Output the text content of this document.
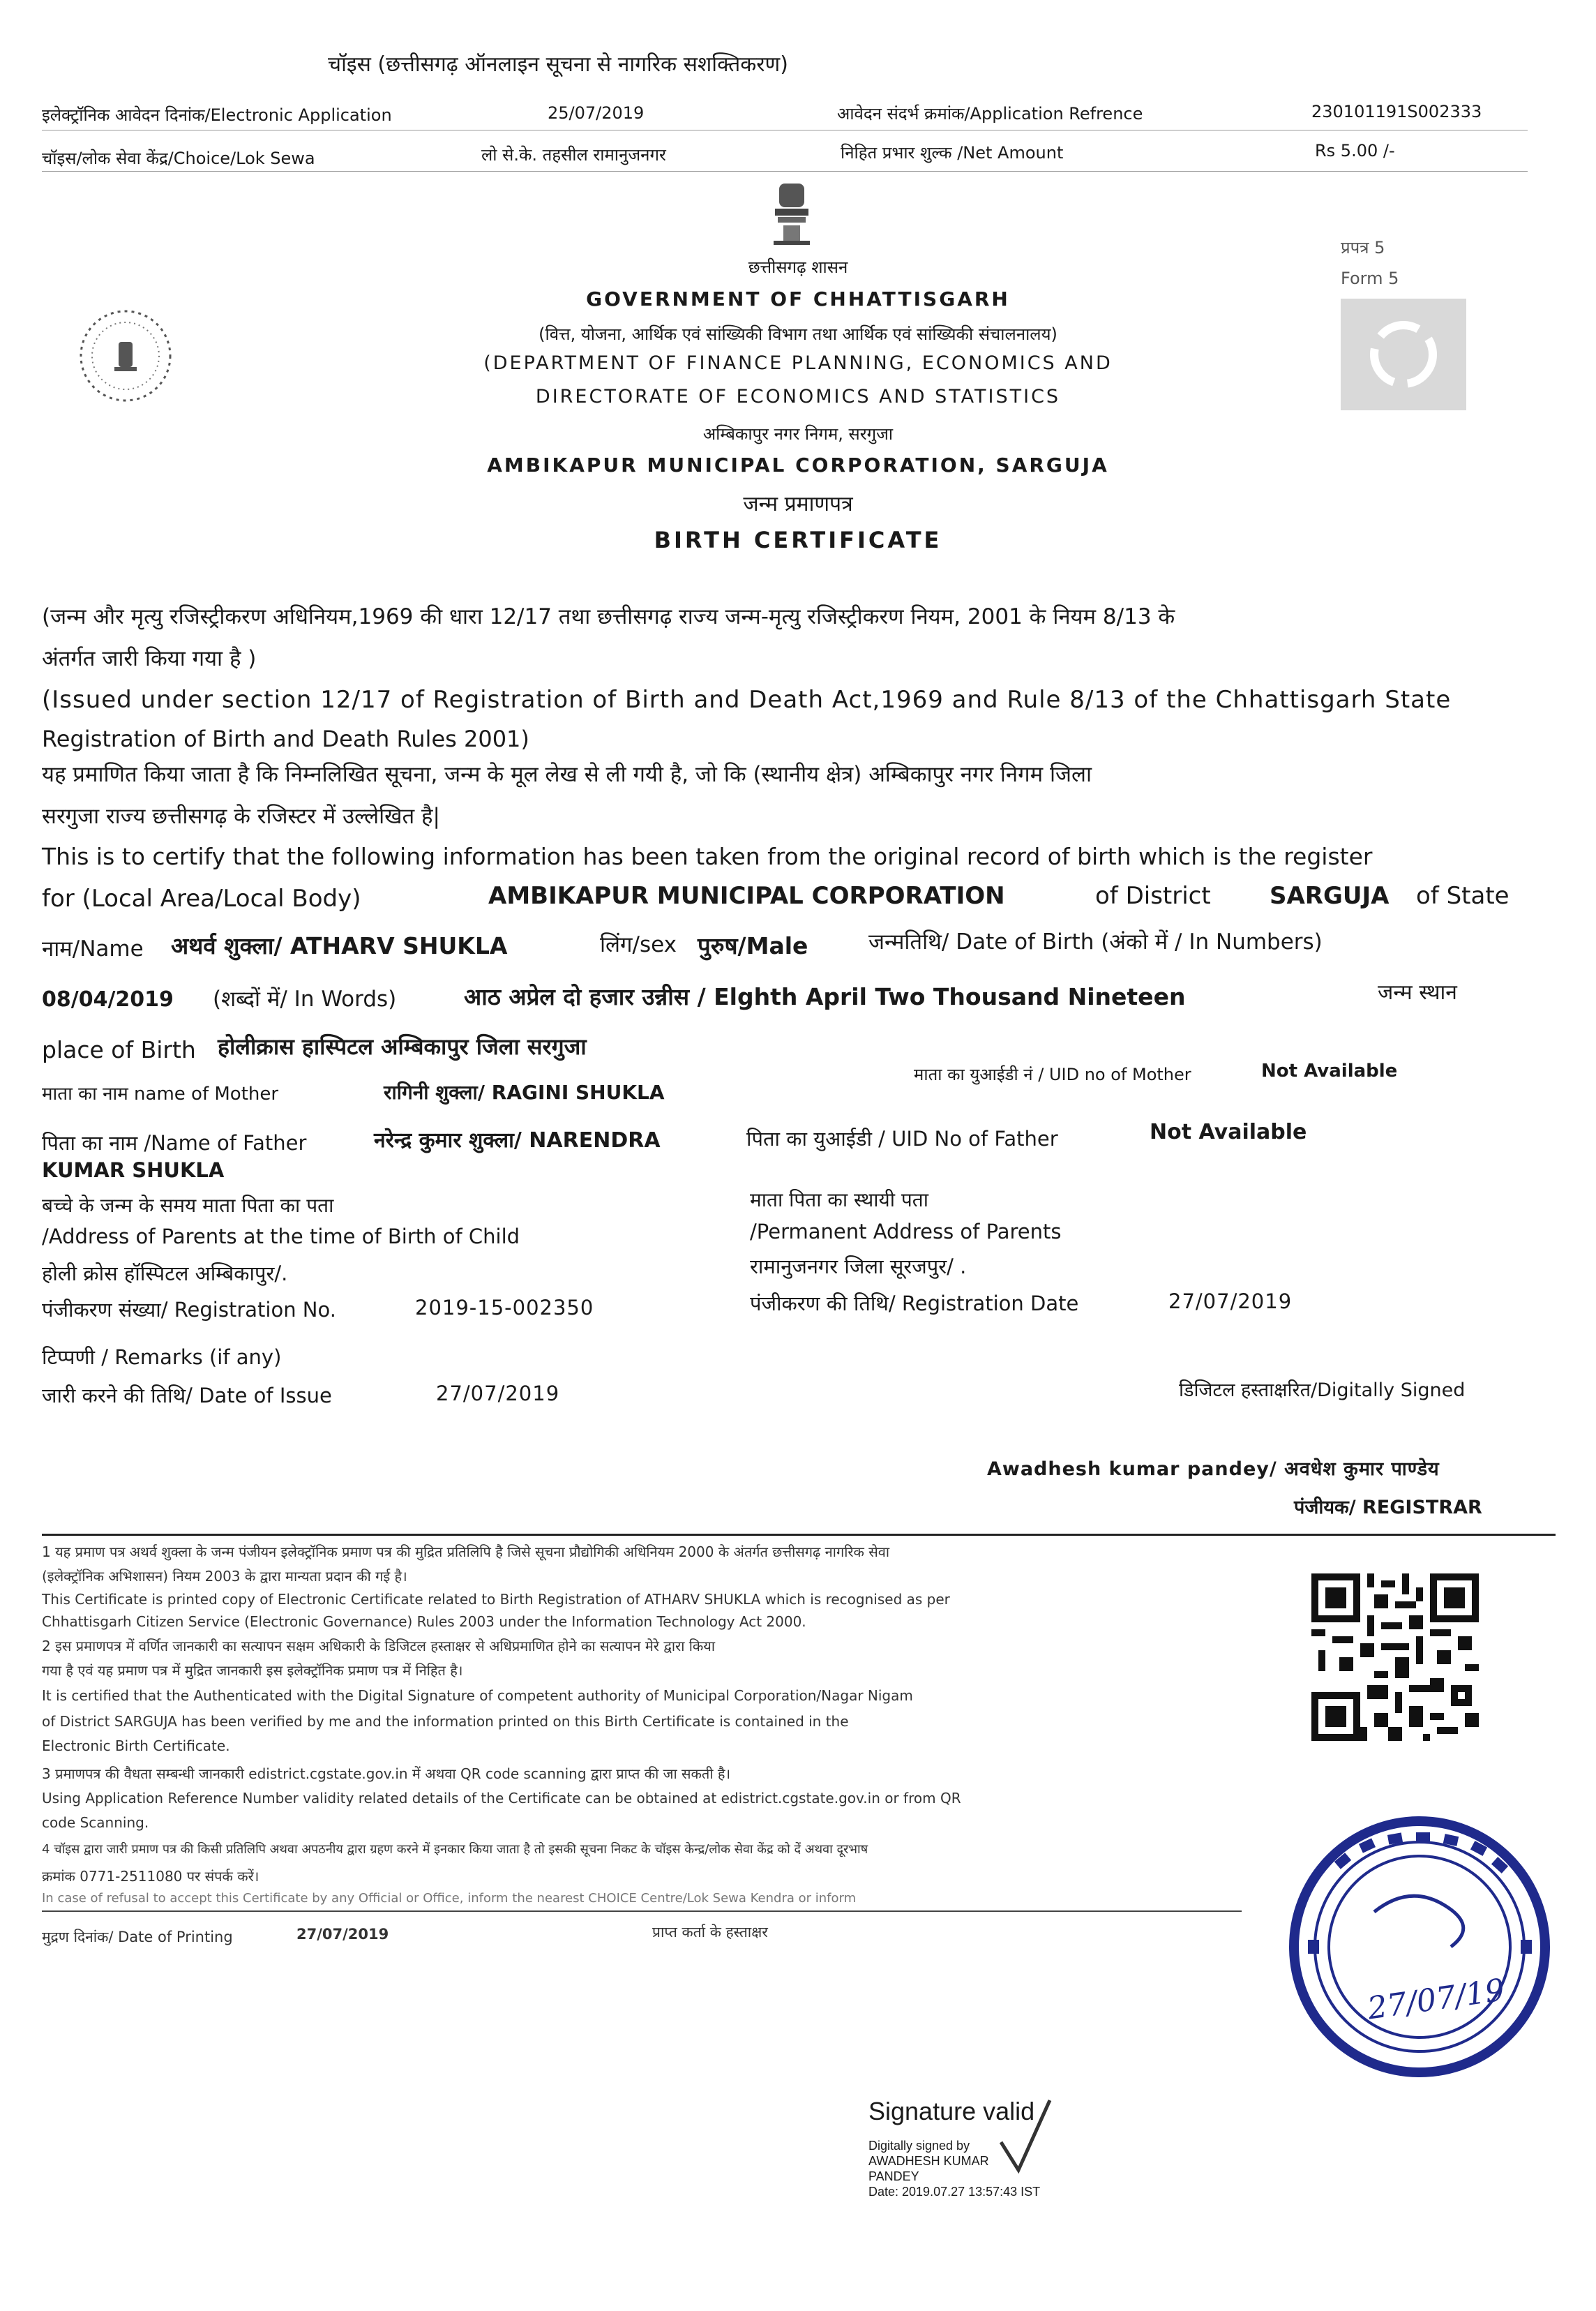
चॉइस (छत्तीसगढ़ ऑनलाइन सूचना से नागरिक सशक्तिकरण)
इलेक्ट्रॉनिक आवेदन दिनांक/Electronic Application	25/07/2019	आवेदन संदर्भ क्रमांक/Application Refrence	230101191S002333
चॉइस/लोक सेवा केंद्र/Choice/Lok Sewa	लो से.के. तहसील रामानुजनगर	निहित प्रभार शुल्क /Net Amount	Rs 5.00 /-
प्रपत्र 5
Form 5
छत्तीसगढ़ शासन
GOVERNMENT OF CHHATTISGARH
(वित्त, योजना, आर्थिक एवं सांख्यिकी विभाग तथा आर्थिक एवं सांख्यिकी संचालनालय)
(DEPARTMENT OF FINANCE PLANNING, ECONOMICS AND
DIRECTORATE OF ECONOMICS AND STATISTICS
अम्बिकापुर नगर निगम, सरगुजा
AMBIKAPUR MUNICIPAL CORPORATION, SARGUJA
जन्म प्रमाणपत्र
BIRTH CERTIFICATE
(जन्म और मृत्यु रजिस्ट्रीकरण अधिनियम,1969 की धारा 12/17 तथा छत्तीसगढ़ राज्य जन्म-मृत्यु रजिस्ट्रीकरण नियम, 2001 के नियम 8/13 के
अंतर्गत जारी किया गया है )
(Issued under section 12/17 of Registration of Birth and Death Act,1969 and Rule 8/13 of the Chhattisgarh State
Registration of Birth and Death Rules 2001)
यह प्रमाणित किया जाता है कि निम्नलिखित सूचना, जन्म के मूल लेख से ली गयी है, जो कि (स्थानीय क्षेत्र) अम्बिकापुर नगर निगम जिला
सरगुजा राज्य छत्तीसगढ़ के रजिस्टर में उल्लेखित है|
This is to certify that the following information has been taken from the original record of birth which is the register
for (Local Area/Local Body)	AMBIKAPUR MUNICIPAL CORPORATION	of District SARGUJA of State
नाम/Name अथर्व शुक्ला/ ATHARV SHUKLA	लिंग/sex पुरुष/Male	जन्मतिथि/ Date of Birth (अंको में / In Numbers)
08/04/2019 (शब्दों में/ In Words)	आठ अप्रेल दो हजार उन्नीस / Elghth April Two Thousand Nineteen	जन्म स्थान
place of Birth होलीक्रास हास्पिटल अम्बिकापुर जिला सरगुजा
माता का युआईडी नं / UID no of Mother	Not Available
माता का नाम name of Mother	रागिनी शुक्ला/ RAGINI SHUKLA
पिता का नाम /Name of Father	नरेन्द्र कुमार शुक्ला/ NARENDRA
KUMAR SHUKLA
पिता का युआईडी / UID No of Father	Not Available
बच्चे के जन्म के समय माता पिता का पता
/Address of Parents at the time of Birth of Child
होली क्रोस हॉस्पिटल अम्बिकापुर/.
माता पिता का स्थायी पता
/Permanent Address of Parents
रामानुजनगर जिला सूरजपुर/ .
पंजीकरण संख्या/ Registration No.	2019-15-002350	पंजीकरण की तिथि/ Registration Date	27/07/2019
टिप्पणी / Remarks (if any)
जारी करने की तिथि/ Date of Issue	27/07/2019	डिजिटल हस्ताक्षरित/Digitally Signed
Awadhesh kumar pandey/ अवधेश कुमार पाण्डेय
पंजीयक/ REGISTRAR
1 यह प्रमाण पत्र अथर्व शुक्ला के जन्म पंजीयन इलेक्ट्रॉनिक प्रमाण पत्र की मुद्रित प्रतिलिपि है जिसे सूचना प्रौद्योगिकी अधिनियम 2000 के अंतर्गत छत्तीसगढ़ नागरिक सेवा
(इलेक्ट्रॉनिक अभिशासन) नियम 2003 के द्वारा मान्यता प्रदान की गई है।
This Certificate is printed copy of Electronic Certificate related to Birth Registration of ATHARV SHUKLA which is recognised as per
Chhattisgarh Citizen Service (Electronic Governance) Rules 2003 under the Information Technology Act 2000.
2 इस प्रमाणपत्र में वर्णित जानकारी का सत्यापन सक्षम अधिकारी के डिजिटल हस्ताक्षर से अधिप्रमाणित होने का सत्यापन मेरे द्वारा किया
गया है एवं यह प्रमाण पत्र में मुद्रित जानकारी इस इलेक्ट्रॉनिक प्रमाण पत्र में निहित है।
It is certified that the Authenticated with the Digital Signature of competent authority of Municipal Corporation/Nagar Nigam
of District SARGUJA has been verified by me and the information printed on this Birth Certificate is contained in the
Electronic Birth Certificate.
3 प्रमाणपत्र की वैधता सम्बन्धी जानकारी edistrict.cgstate.gov.in में अथवा QR code scanning द्वारा प्राप्त की जा सकती है।
Using Application Reference Number validity related details of the Certificate can be obtained at edistrict.cgstate.gov.in or from QR
code Scanning.
4 चॉइस द्वारा जारी प्रमाण पत्र की किसी प्रतिलिपि अथवा अपठनीय द्वारा ग्रहण करने में इनकार किया जाता है तो इसकी सूचना निकट के चॉइस केन्द्र/लोक सेवा केंद्र को दें अथवा दूरभाष
क्रमांक 0771-2511080 पर संपर्क करें।
In case of refusal to accept this Certificate by any Official or Office, inform the nearest CHOICE Centre/Lok Sewa Kendra or inform
मुद्रण दिनांक/ Date of Printing	27/07/2019	प्राप्त कर्ता के हस्ताक्षर
27/07/19
Signature valid
Digitally signed by
AWADHESH KUMAR
PANDEY
Date: 2019.07.27 13:57:43 IST
